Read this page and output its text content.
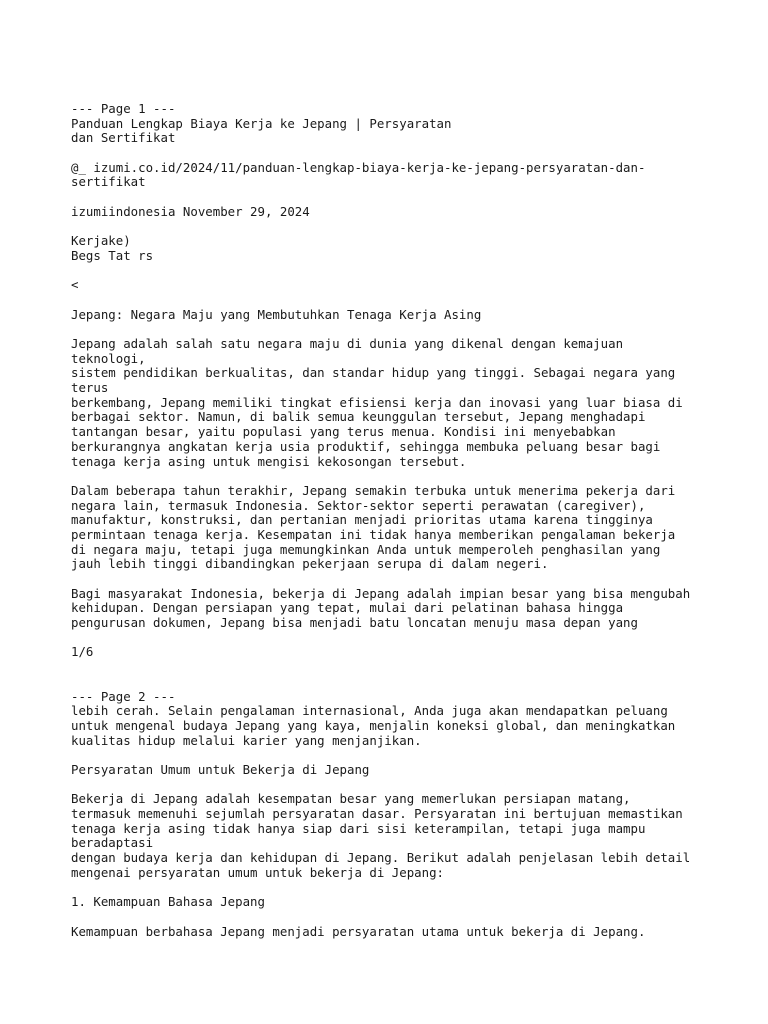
--- Page 1 ---
Panduan Lengkap Biaya Kerja ke Jepang | Persyaratan
dan Sertifikat
@_ izumi.co.id/2024/11/panduan-lengkap-biaya-kerja-ke-jepang-persyaratan-dan-
sertifikat
izumiindonesia November 29, 2024
Kerjake)
Begs Tat rs
<
Jepang: Negara Maju yang Membutuhkan Tenaga Kerja Asing
Jepang adalah salah satu negara maju di dunia yang dikenal dengan kemajuan
teknologi,
sistem pendidikan berkualitas, dan standar hidup yang tinggi. Sebagai negara yang
terus
berkembang, Jepang memiliki tingkat efisiensi kerja dan inovasi yang luar biasa di
berbagai sektor. Namun, di balik semua keunggulan tersebut, Jepang menghadapi
tantangan besar, yaitu populasi yang terus menua. Kondisi ini menyebabkan
berkurangnya angkatan kerja usia produktif, sehingga membuka peluang besar bagi
tenaga kerja asing untuk mengisi kekosongan tersebut.
Dalam beberapa tahun terakhir, Jepang semakin terbuka untuk menerima pekerja dari
negara lain, termasuk Indonesia. Sektor-sektor seperti perawatan (caregiver),
manufaktur, konstruksi, dan pertanian menjadi prioritas utama karena tingginya
permintaan tenaga kerja. Kesempatan ini tidak hanya memberikan pengalaman bekerja
di negara maju, tetapi juga memungkinkan Anda untuk memperoleh penghasilan yang
jauh lebih tinggi dibandingkan pekerjaan serupa di dalam negeri.
Bagi masyarakat Indonesia, bekerja di Jepang adalah impian besar yang bisa mengubah
kehidupan. Dengan persiapan yang tepat, mulai dari pelatinan bahasa hingga
pengurusan dokumen, Jepang bisa menjadi batu loncatan menuju masa depan yang
1/6
--- Page 2 ---
lebih cerah. Selain pengalaman internasional, Anda juga akan mendapatkan peluang
untuk mengenal budaya Jepang yang kaya, menjalin koneksi global, dan meningkatkan
kualitas hidup melalui karier yang menjanjikan.
Persyaratan Umum untuk Bekerja di Jepang
Bekerja di Jepang adalah kesempatan besar yang memerlukan persiapan matang,
termasuk memenuhi sejumlah persyaratan dasar. Persyaratan ini bertujuan memastikan
tenaga kerja asing tidak hanya siap dari sisi keterampilan, tetapi juga mampu
beradaptasi
dengan budaya kerja dan kehidupan di Jepang. Berikut adalah penjelasan lebih detail
mengenai persyaratan umum untuk bekerja di Jepang:
1. Kemampuan Bahasa Jepang
Kemampuan berbahasa Jepang menjadi persyaratan utama untuk bekerja di Jepang.
